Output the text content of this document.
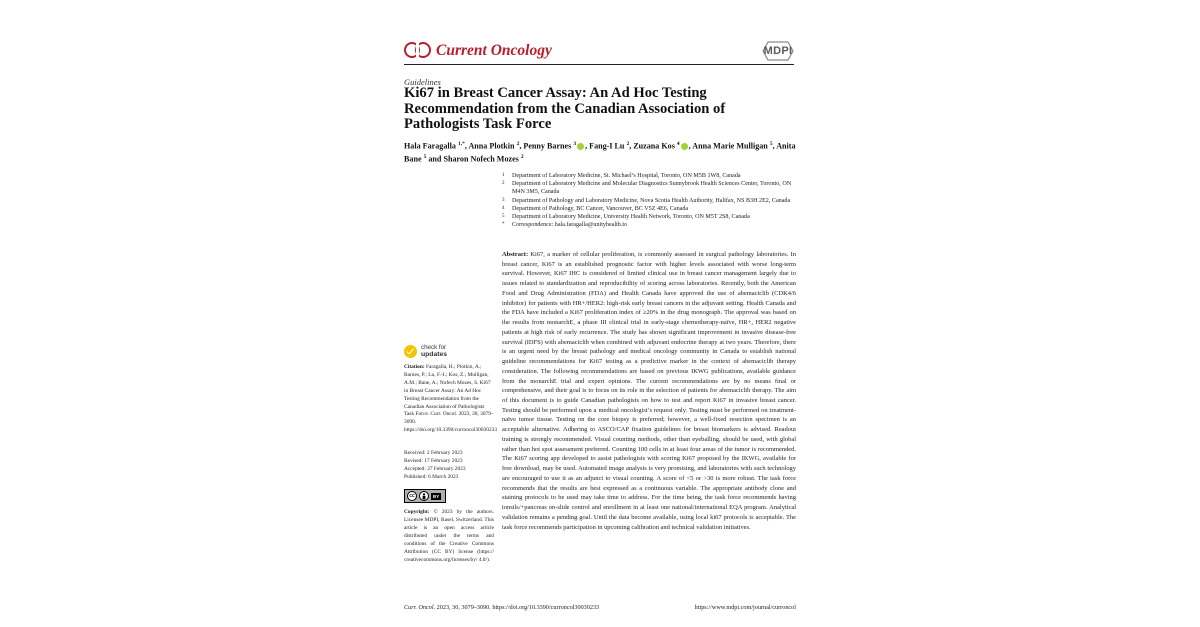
Current Oncology	MDPI
Guidelines
Ki67 in Breast Cancer Assay: An Ad Hoc Testing Recommendation from the Canadian Association of Pathologists Task Force
Hala Faragalla $^{1,*}$, Anna Plotkin $^2$, Penny Barnes $^3$ , Fang-I Lu $^2$, Zuzana Kos $^4$ , Anna Marie Mulligan $^5$, Anita Bane $^5$ and Sharon Nofech Mozes $^2$
1	Department of Laboratory Medicine, St. Michael’s Hospital, Toronto, ON M5B 1W8, Canada
2	Department of Laboratory Medicine and Molecular Diagnostics Sunnybrook Health Sciences Center, Toronto, ON M4N 3M5, Canada
3	Department of Pathology and Laboratory Medicine, Nova Scotia Health Authority, Halifax, NS B3H 2E2, Canada
4	Department of Pathology, BC Cancer, Vancouver, BC V5Z 4E6, Canada
5	Department of Laboratory Medicine, University Health Network, Toronto, ON M5T 2S8, Canada
*	Correspondence: hala.faragalla@unityhealth.to
Abstract: Ki67, a marker of cellular proliferation, is commonly assessed in surgical pathology laboratories. In breast cancer, Ki67 is an established prognostic factor with higher levels associated with worse long-term survival. However, Ki67 IHC is considered of limited clinical use in breast cancer management largely due to issues related to standardization and reproducibility of scoring across laboratories. Recently, both the American Food and Drug Administration (FDA) and Health Canada have approved the use of abemaciclib (CDK4/6 inhibitor) for patients with HR+/HER2: high-risk early breast cancers in the adjuvant setting. Health Canada and the FDA have included a Ki67 proliferation index of ≥20% in the drug monograph. The approval was based on the results from monarchE, a phase III clinical trial in early-stage chemotherapy-naïve, HR+, HER2 negative patients at high risk of early recurrence. The study has shown significant improvement in invasive disease-free survival (IDFS) with abemaciclib when combined with adjuvant endocrine therapy at two years. Therefore, there is an urgent need by the breast pathology and medical oncology community in Canada to establish national guideline recommendations for Ki67 testing as a predictive marker in the context of abemaciclib therapy consideration. The following recommendations are based on previous IKWG publications, available guidance from the monarchE trial and expert opinions. The current recommendations are by no means final or comprehensive, and their goal is to focus on its role in the selection of patients for abemaciclib therapy. The aim of this document is to guide Canadian pathologists on how to test and report Ki67 in invasive breast cancer. Testing should be performed upon a medical oncologist’s request only. Testing must be performed on treatment-naïve tumor tissue. Testing on the core biopsy is preferred; however, a well-fixed resection specimen is an acceptable alternative. Adhering to ASCO/CAP fixation guidelines for breast biomarkers is advised. Readout training is strongly recommended. Visual counting methods, other than eyeballing, should be used, with global rather than hot spot assessment preferred. Counting 100 cells in at least four areas of the tumor is recommended. The Ki67 scoring app developed to assist pathologists with scoring Ki67 proposed by the IKWG, available for free download, may be used. Automated image analysis is very promising, and laboratories with such technology are encouraged to use it as an adjunct to visual counting. A score of <5 or >30 is more robust. The task force recommends that the results are best expressed as a continuous variable. The appropriate antibody clone and staining protocols to be used may take time to address. For the time being, the task force recommends having tonsils/+pancreas on-slide control and enrollment in at least one national/international EQA program. Analytical validation remains a pending goal. Until the data become available, using local ki67 protocols is acceptable. The task force recommends participation in upcoming calibration and technical validation initiatives.
check for
updates
Citation: Faragalla, H.; Plotkin, A.; Barnes, P.; Lu, F.-I.; Kos, Z.; Mulligan, A.M.; Bane, A.; Nofech Mozes, S. Ki67 in Breast Cancer Assay: An Ad Hoc Testing Recommendation from the Canadian Association of Pathologists Task Force. Curr. Oncol. 2023, 30, 3079–3090. https://doi.org/10.3390/curroncol30030233
Received: 2 February 2023
Revised: 17 February 2023
Accepted: 27 February 2023
Published: 6 March 2023
cc	BY
Copyright: © 2023 by the authors. Licensee MDPI, Basel, Switzerland. This article is an open access article distributed under the terms and conditions of the Creative Commons Attribution (CC BY) license (https:// creativecommons.org/licenses/by/ 4.0/).
Curr. Oncol. 2023, 30, 3079–3090. https://doi.org/10.3390/curroncol30030233	https://www.mdpi.com/journal/curroncol
